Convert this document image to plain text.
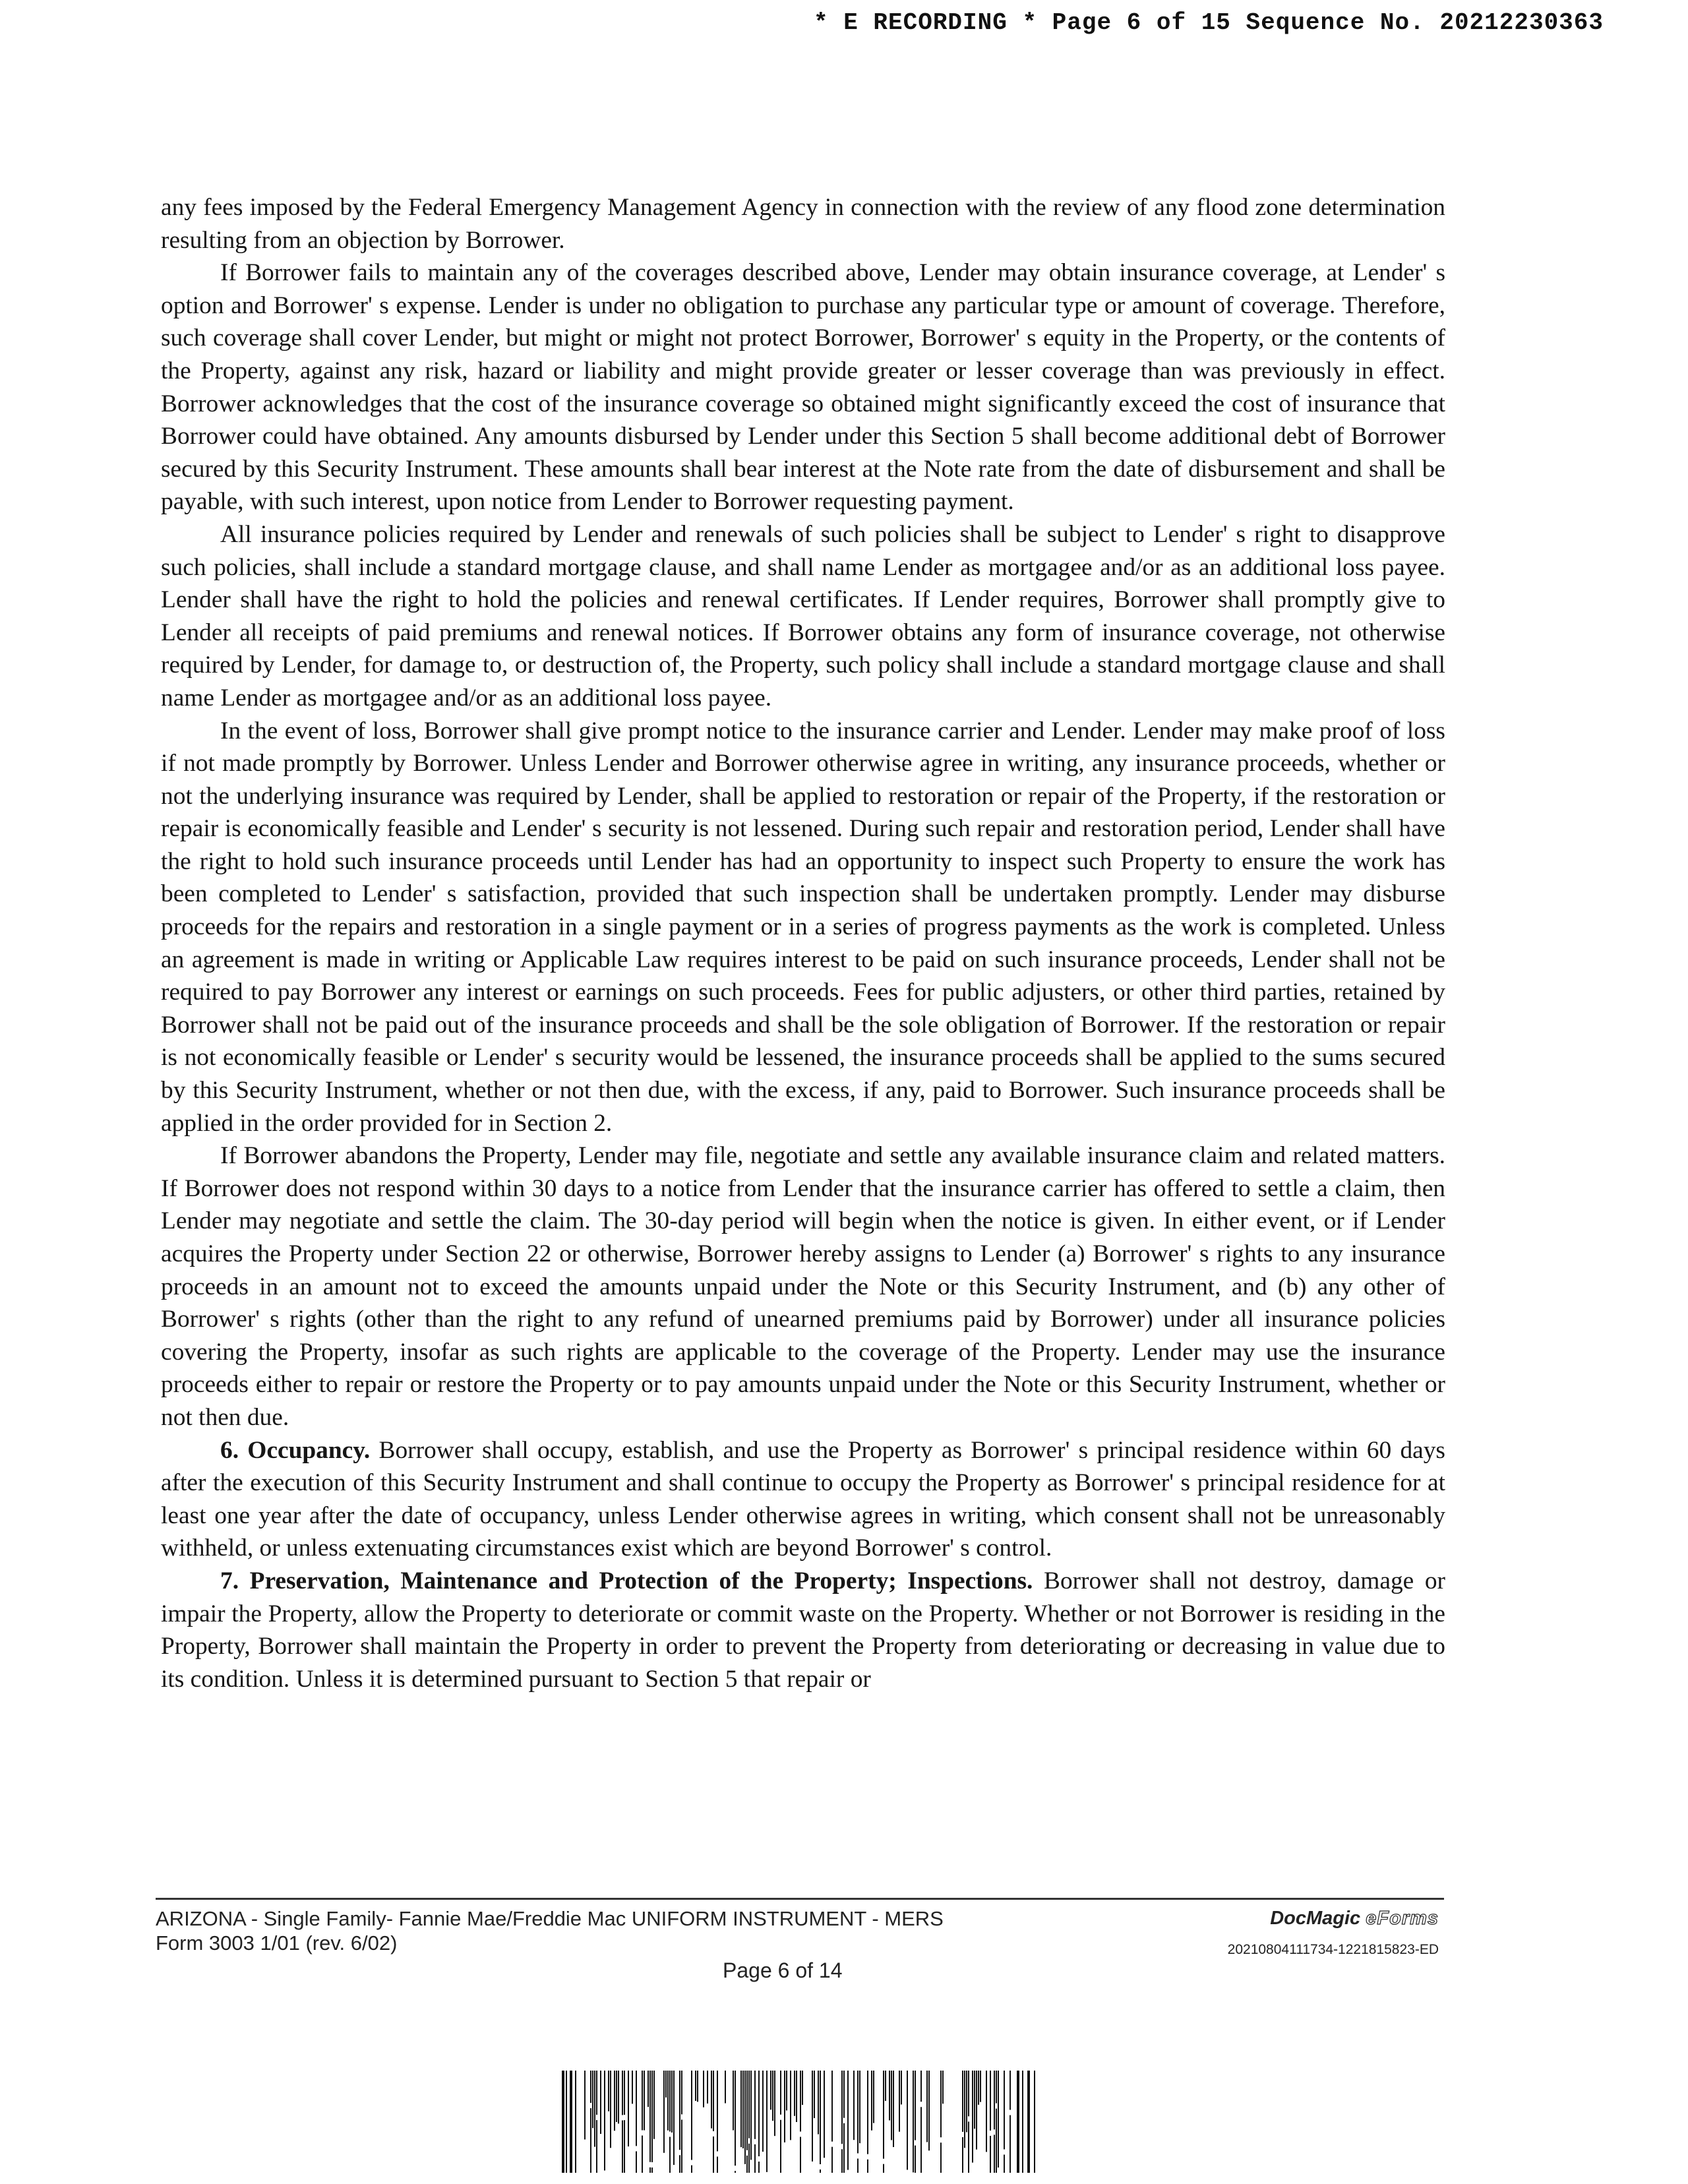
* E RECORDING * Page 6 of 15 Sequence No. 20212230363

any fees imposed by the Federal Emergency Management Agency in connection with the review of any flood zone determination resulting from an objection by Borrower.

If Borrower fails to maintain any of the coverages described above, Lender may obtain insurance coverage, at Lender' s option and Borrower' s expense. Lender is under no obligation to purchase any particular type or amount of coverage. Therefore, such coverage shall cover Lender, but might or might not protect Borrower, Borrower' s equity in the Property, or the contents of the Property, against any risk, hazard or liability and might provide greater or lesser coverage than was previously in effect. Borrower acknowledges that the cost of the insurance coverage so obtained might significantly exceed the cost of insurance that Borrower could have obtained. Any amounts disbursed by Lender under this Section 5 shall become additional debt of Borrower secured by this Security Instrument. These amounts shall bear interest at the Note rate from the date of disbursement and shall be payable, with such interest, upon notice from Lender to Borrower requesting payment.

All insurance policies required by Lender and renewals of such policies shall be subject to Lender' s right to disapprove such policies, shall include a standard mortgage clause, and shall name Lender as mortgagee and/or as an additional loss payee. Lender shall have the right to hold the policies and renewal certificates. If Lender requires, Borrower shall promptly give to Lender all receipts of paid premiums and renewal notices. If Borrower obtains any form of insurance coverage, not otherwise required by Lender, for damage to, or destruction of, the Property, such policy shall include a standard mortgage clause and shall name Lender as mortgagee and/or as an additional loss payee.

In the event of loss, Borrower shall give prompt notice to the insurance carrier and Lender. Lender may make proof of loss if not made promptly by Borrower. Unless Lender and Borrower otherwise agree in writing, any insurance proceeds, whether or not the underlying insurance was required by Lender, shall be applied to restoration or repair of the Property, if the restoration or repair is economically feasible and Lender' s security is not lessened. During such repair and restoration period, Lender shall have the right to hold such insurance proceeds until Lender has had an opportunity to inspect such Property to ensure the work has been completed to Lender' s satisfaction, provided that such inspection shall be undertaken promptly. Lender may disburse proceeds for the repairs and restoration in a single payment or in a series of progress payments as the work is completed. Unless an agreement is made in writing or Applicable Law requires interest to be paid on such insurance proceeds, Lender shall not be required to pay Borrower any interest or earnings on such proceeds. Fees for public adjusters, or other third parties, retained by Borrower shall not be paid out of the insurance proceeds and shall be the sole obligation of Borrower. If the restoration or repair is not economically feasible or Lender' s security would be lessened, the insurance proceeds shall be applied to the sums secured by this Security Instrument, whether or not then due, with the excess, if any, paid to Borrower. Such insurance proceeds shall be applied in the order provided for in Section 2.

If Borrower abandons the Property, Lender may file, negotiate and settle any available insurance claim and related matters. If Borrower does not respond within 30 days to a notice from Lender that the insurance carrier has offered to settle a claim, then Lender may negotiate and settle the claim. The 30-day period will begin when the notice is given. In either event, or if Lender acquires the Property under Section 22 or otherwise, Borrower hereby assigns to Lender (a) Borrower' s rights to any insurance proceeds in an amount not to exceed the amounts unpaid under the Note or this Security Instrument, and (b) any other of Borrower' s rights (other than the right to any refund of unearned premiums paid by Borrower) under all insurance policies covering the Property, insofar as such rights are applicable to the coverage of the Property. Lender may use the insurance proceeds either to repair or restore the Property or to pay amounts unpaid under the Note or this Security Instrument, whether or not then due.

6. Occupancy. Borrower shall occupy, establish, and use the Property as Borrower' s principal residence within 60 days after the execution of this Security Instrument and shall continue to occupy the Property as Borrower' s principal residence for at least one year after the date of occupancy, unless Lender otherwise agrees in writing, which consent shall not be unreasonably withheld, or unless extenuating circumstances exist which are beyond Borrower' s control.

7. Preservation, Maintenance and Protection of the Property; Inspections. Borrower shall not destroy, damage or impair the Property, allow the Property to deteriorate or commit waste on the Property. Whether or not Borrower is residing in the Property, Borrower shall maintain the Property in order to prevent the Property from deteriorating or decreasing in value due to its condition. Unless it is determined pursuant to Section 5 that repair or

ARIZONA - Single Family- Fannie Mae/Freddie Mac UNIFORM INSTRUMENT - MERS
Form 3003 1/01 (rev. 6/02)
Page 6 of 14
DocMagic eForms
20210804111734-1221815823-ED
